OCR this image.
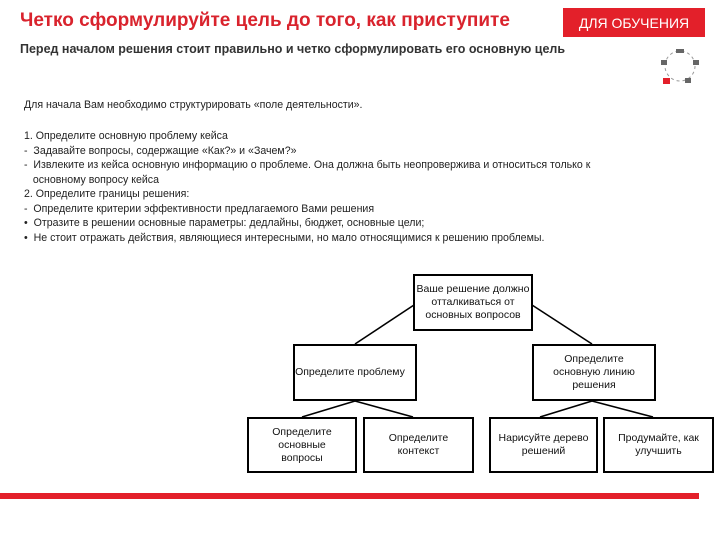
Четко сформулируйте цель до того, как приступите	ДЛЯ ОБУЧЕНИЯ
Перед началом решения стоит правильно и четко сформулировать его основную цель
Для начала Вам необходимо структурировать «поле деятельности».
1. Определите основную проблему кейса
-  Задавайте вопросы, содержащие «Как?» и «Зачем?»
-  Извлеките из кейса основную информацию о проблеме. Она должна быть неопровержива и относиться только к
основному вопросу кейса
2. Определите границы решения:
-  Определите критерии эффективности предлагаемого Вами решения
•  Отразите в решении основные параметры: дедлайны, бюджет, основные цели;
•  Не стоит отражать действия, являющиеся интересными, но мало относящимися к решению проблемы.
Ваше решение должно отталкиваться от основных вопросов
Определите проблему
Определите основную линию решения
Определите основные вопросы
Определите контекст
Нарисуйте дерево решений
Продумайте, как улучшить
